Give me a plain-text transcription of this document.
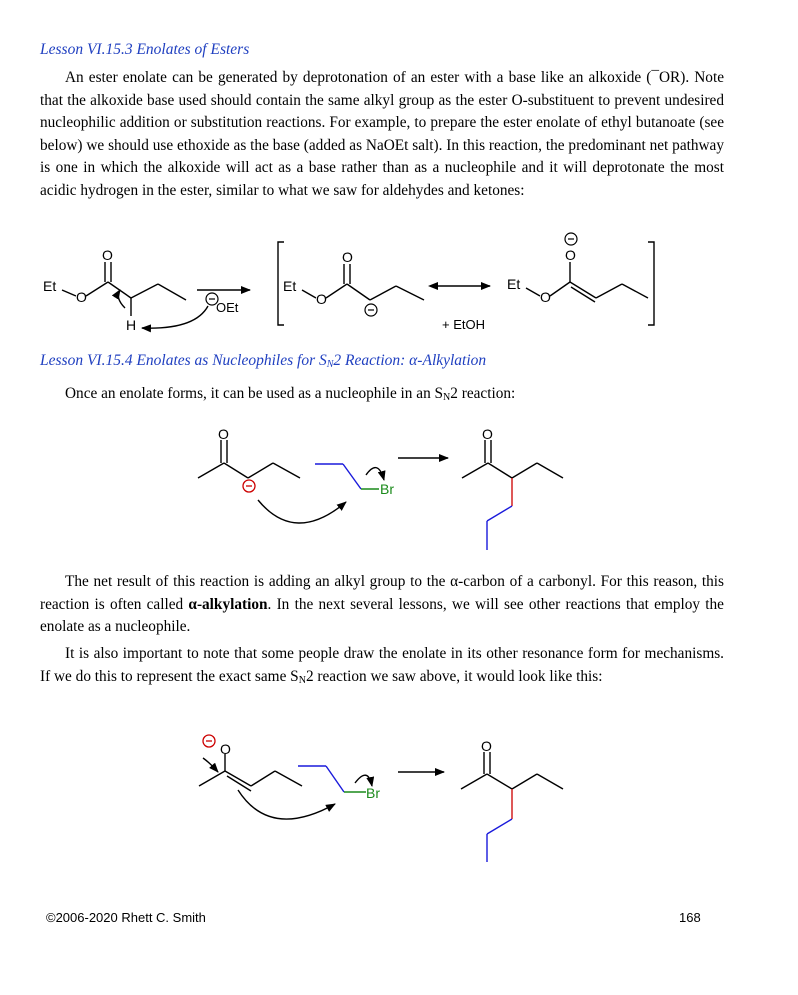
Lesson VI.15.3 Enolates of Esters
An ester enolate can be generated by deprotonation of an ester with a base like an alkoxide (¯OR). Note that the alkoxide base used should contain the same alkyl group as the ester O-substituent to prevent undesired nucleophilic addition or substitution reactions. For example, to prepare the ester enolate of ethyl butanoate (see below) we should use ethoxide as the base (added as NaOEt salt). In this reaction, the predominant net pathway is one in which the alkoxide will act as a base rather than as a nucleophile and it will deprotonate the most acidic hydrogen in the ester, similar to what we saw for aldehydes and ketones:
Et
O
O
H
OEt
Et
O
O
Et
O
O
+ EtOH
Lesson VI.15.4 Enolates as Nucleophiles for $S_N2$ Reaction: α-Alkylation
Once an enolate forms, it can be used as a nucleophile in an $S_N2$ reaction:
O
Br
O
The net result of this reaction is adding an alkyl group to the α-carbon of a carbonyl. For this reason, this reaction is often called α-alkylation. In the next several lessons, we will see other reactions that employ the enolate as a nucleophile.
It is also important to note that some people draw the enolate in its other resonance form for mechanisms. If we do this to represent the exact same $S_N2$ reaction we saw above, it would look like this:
O
Br
O
©2006-2020 Rhett C. Smith	168
